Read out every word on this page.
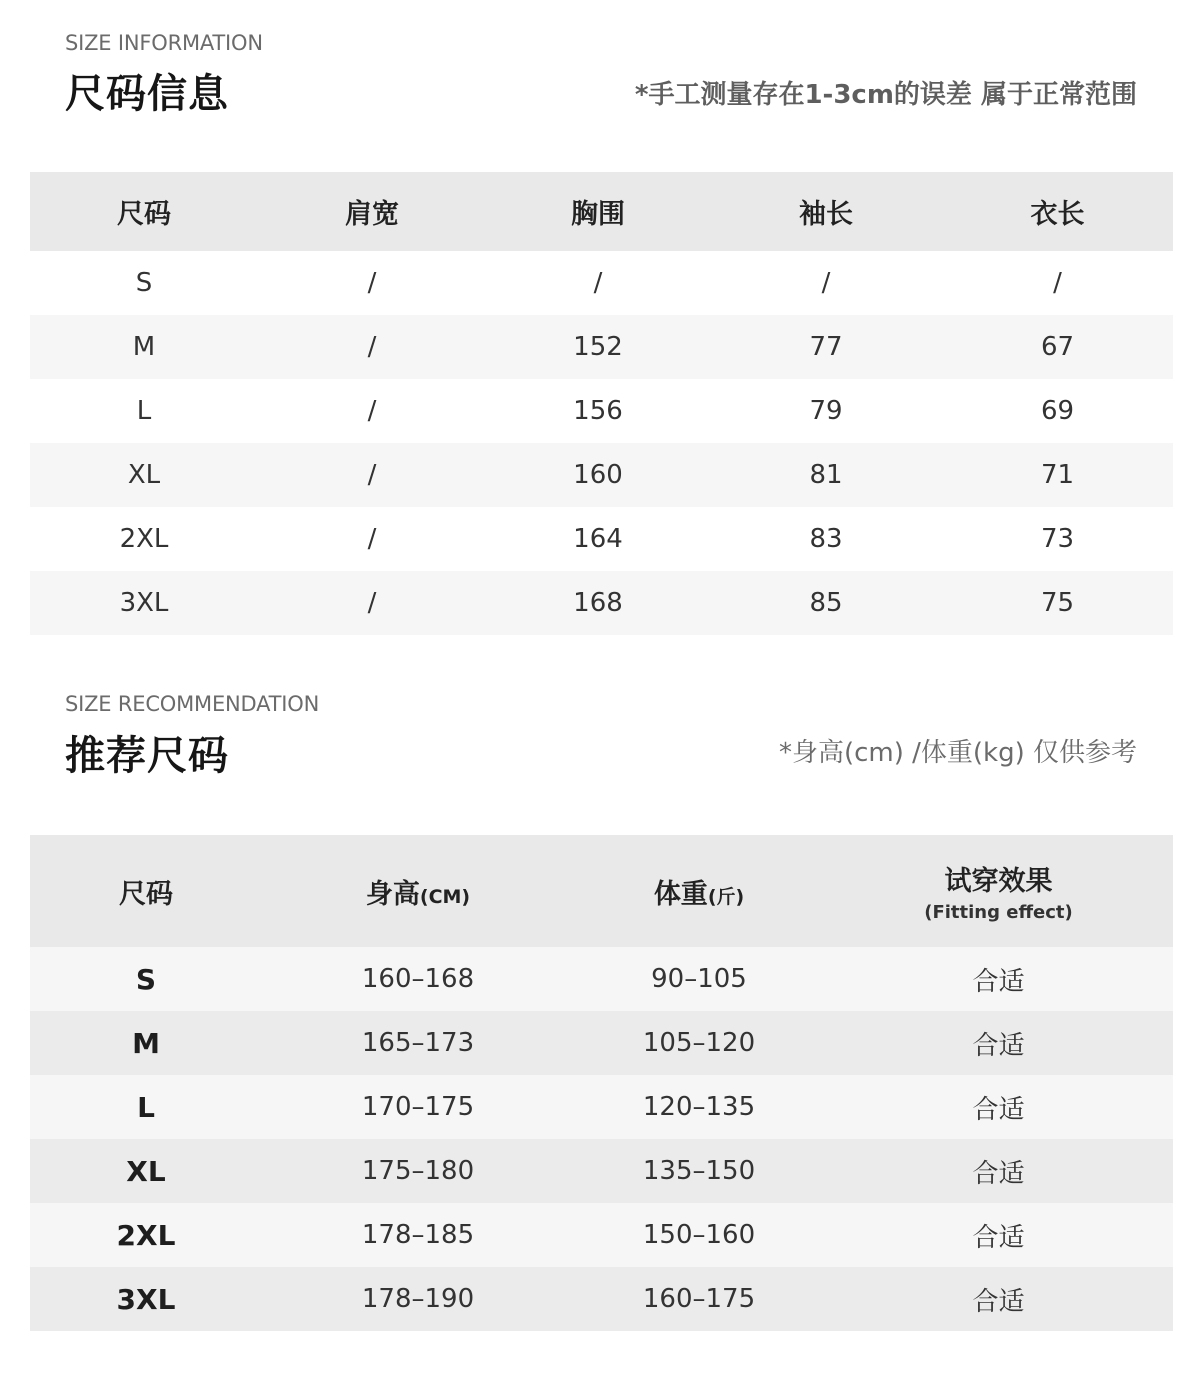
SIZE INFORMATION
尺码信息	*手工测量存在1-3cm的误差 属于正常范围
尺码	肩宽	胸围	袖长	衣长
S	/	/	/	/
M	/	152	77	67
L	/	156	79	69
XL	/	160	81	71
2XL	/	164	83	73
3XL	/	168	85	75
SIZE RECOMMENDATION
推荐尺码	*身高(cm) /体重(kg) 仅供参考
尺码	身高(CM)	体重(斤)	试穿效果
(Fitting effect)
S	160–168	90–105	合适
M	165–173	105–120	合适
L	170–175	120–135	合适
XL	175–180	135–150	合适
2XL	178–185	150–160	合适
3XL	178–190	160–175	合适
